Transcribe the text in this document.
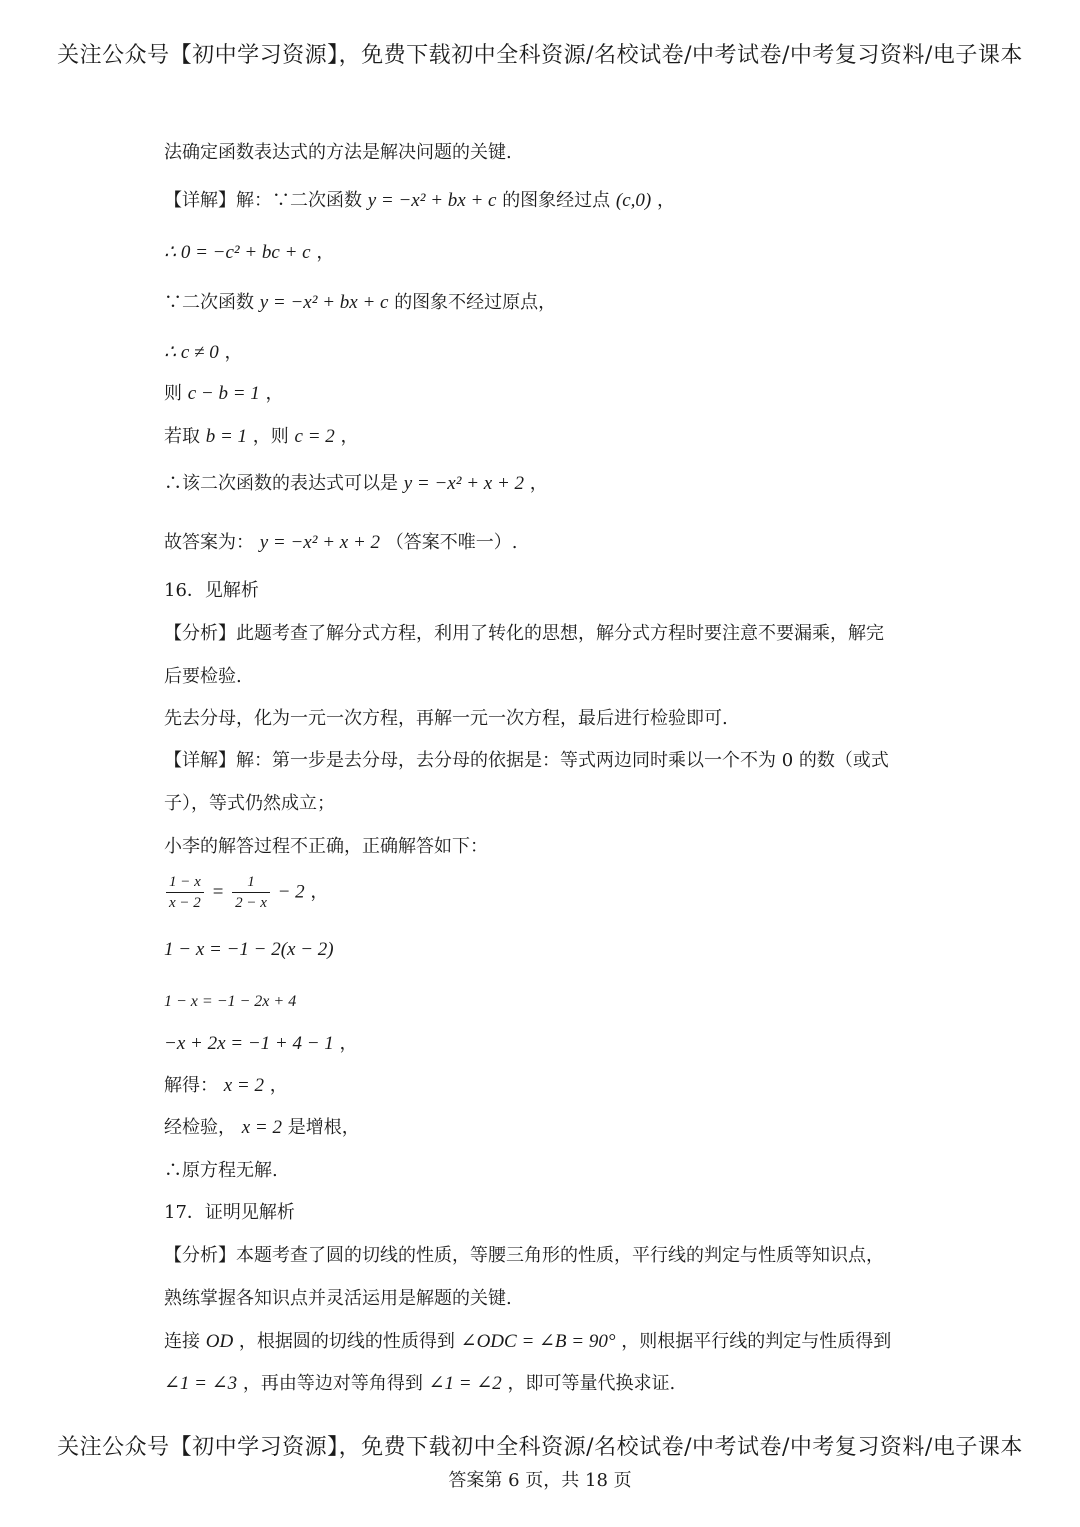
关注公众号【初中学习资源】，免费下载初中全科资源/名校试卷/中考试卷/中考复习资料/电子课本
法确定函数表达式的方法是解决问题的关键.
【详解】解：∵二次函数 y = −x² + bx + c 的图象经过点 (c,0) ，
∴ 0 = −c² + bc + c ，
∵二次函数 y = −x² + bx + c 的图象不经过原点，
∴ c ≠ 0 ，
则 c − b = 1 ，
若取 b = 1 ，则 c = 2 ，
∴该二次函数的表达式可以是 y = −x² + x + 2 ，
故答案为： y = −x² + x + 2 （答案不唯一）.
16．见解析
【分析】此题考查了解分式方程，利用了转化的思想，解分式方程时要注意不要漏乘，解完
后要检验.
先去分母，化为一元一次方程，再解一元一次方程，最后进行检验即可.
【详解】解：第一步是去分母，去分母的依据是：等式两边同时乘以一个不为 0 的数（或式
子），等式仍然成立；
小李的解答过程不正确，正确解答如下：
$\frac{1 - x}{x - 2} = \frac{1}{2 - x} - 2$ ，
1 − x = −1 − 2(x − 2)
1 − x = −1 − 2x + 4
−x + 2x = −1 + 4 − 1 ，
解得： x = 2 ，
经检验， x = 2 是增根，
∴原方程无解.
17．证明见解析
【分析】本题考查了圆的切线的性质，等腰三角形的性质，平行线的判定与性质等知识点，
熟练掌握各知识点并灵活运用是解题的关键.
连接 OD ，根据圆的切线的性质得到 ∠ODC = ∠B = 90° ，则根据平行线的判定与性质得到
∠1 = ∠3 ，再由等边对等角得到 ∠1 = ∠2 ，即可等量代换求证.
关注公众号【初中学习资源】，免费下载初中全科资源/名校试卷/中考试卷/中考复习资料/电子课本
答案第 6 页，共 18 页
